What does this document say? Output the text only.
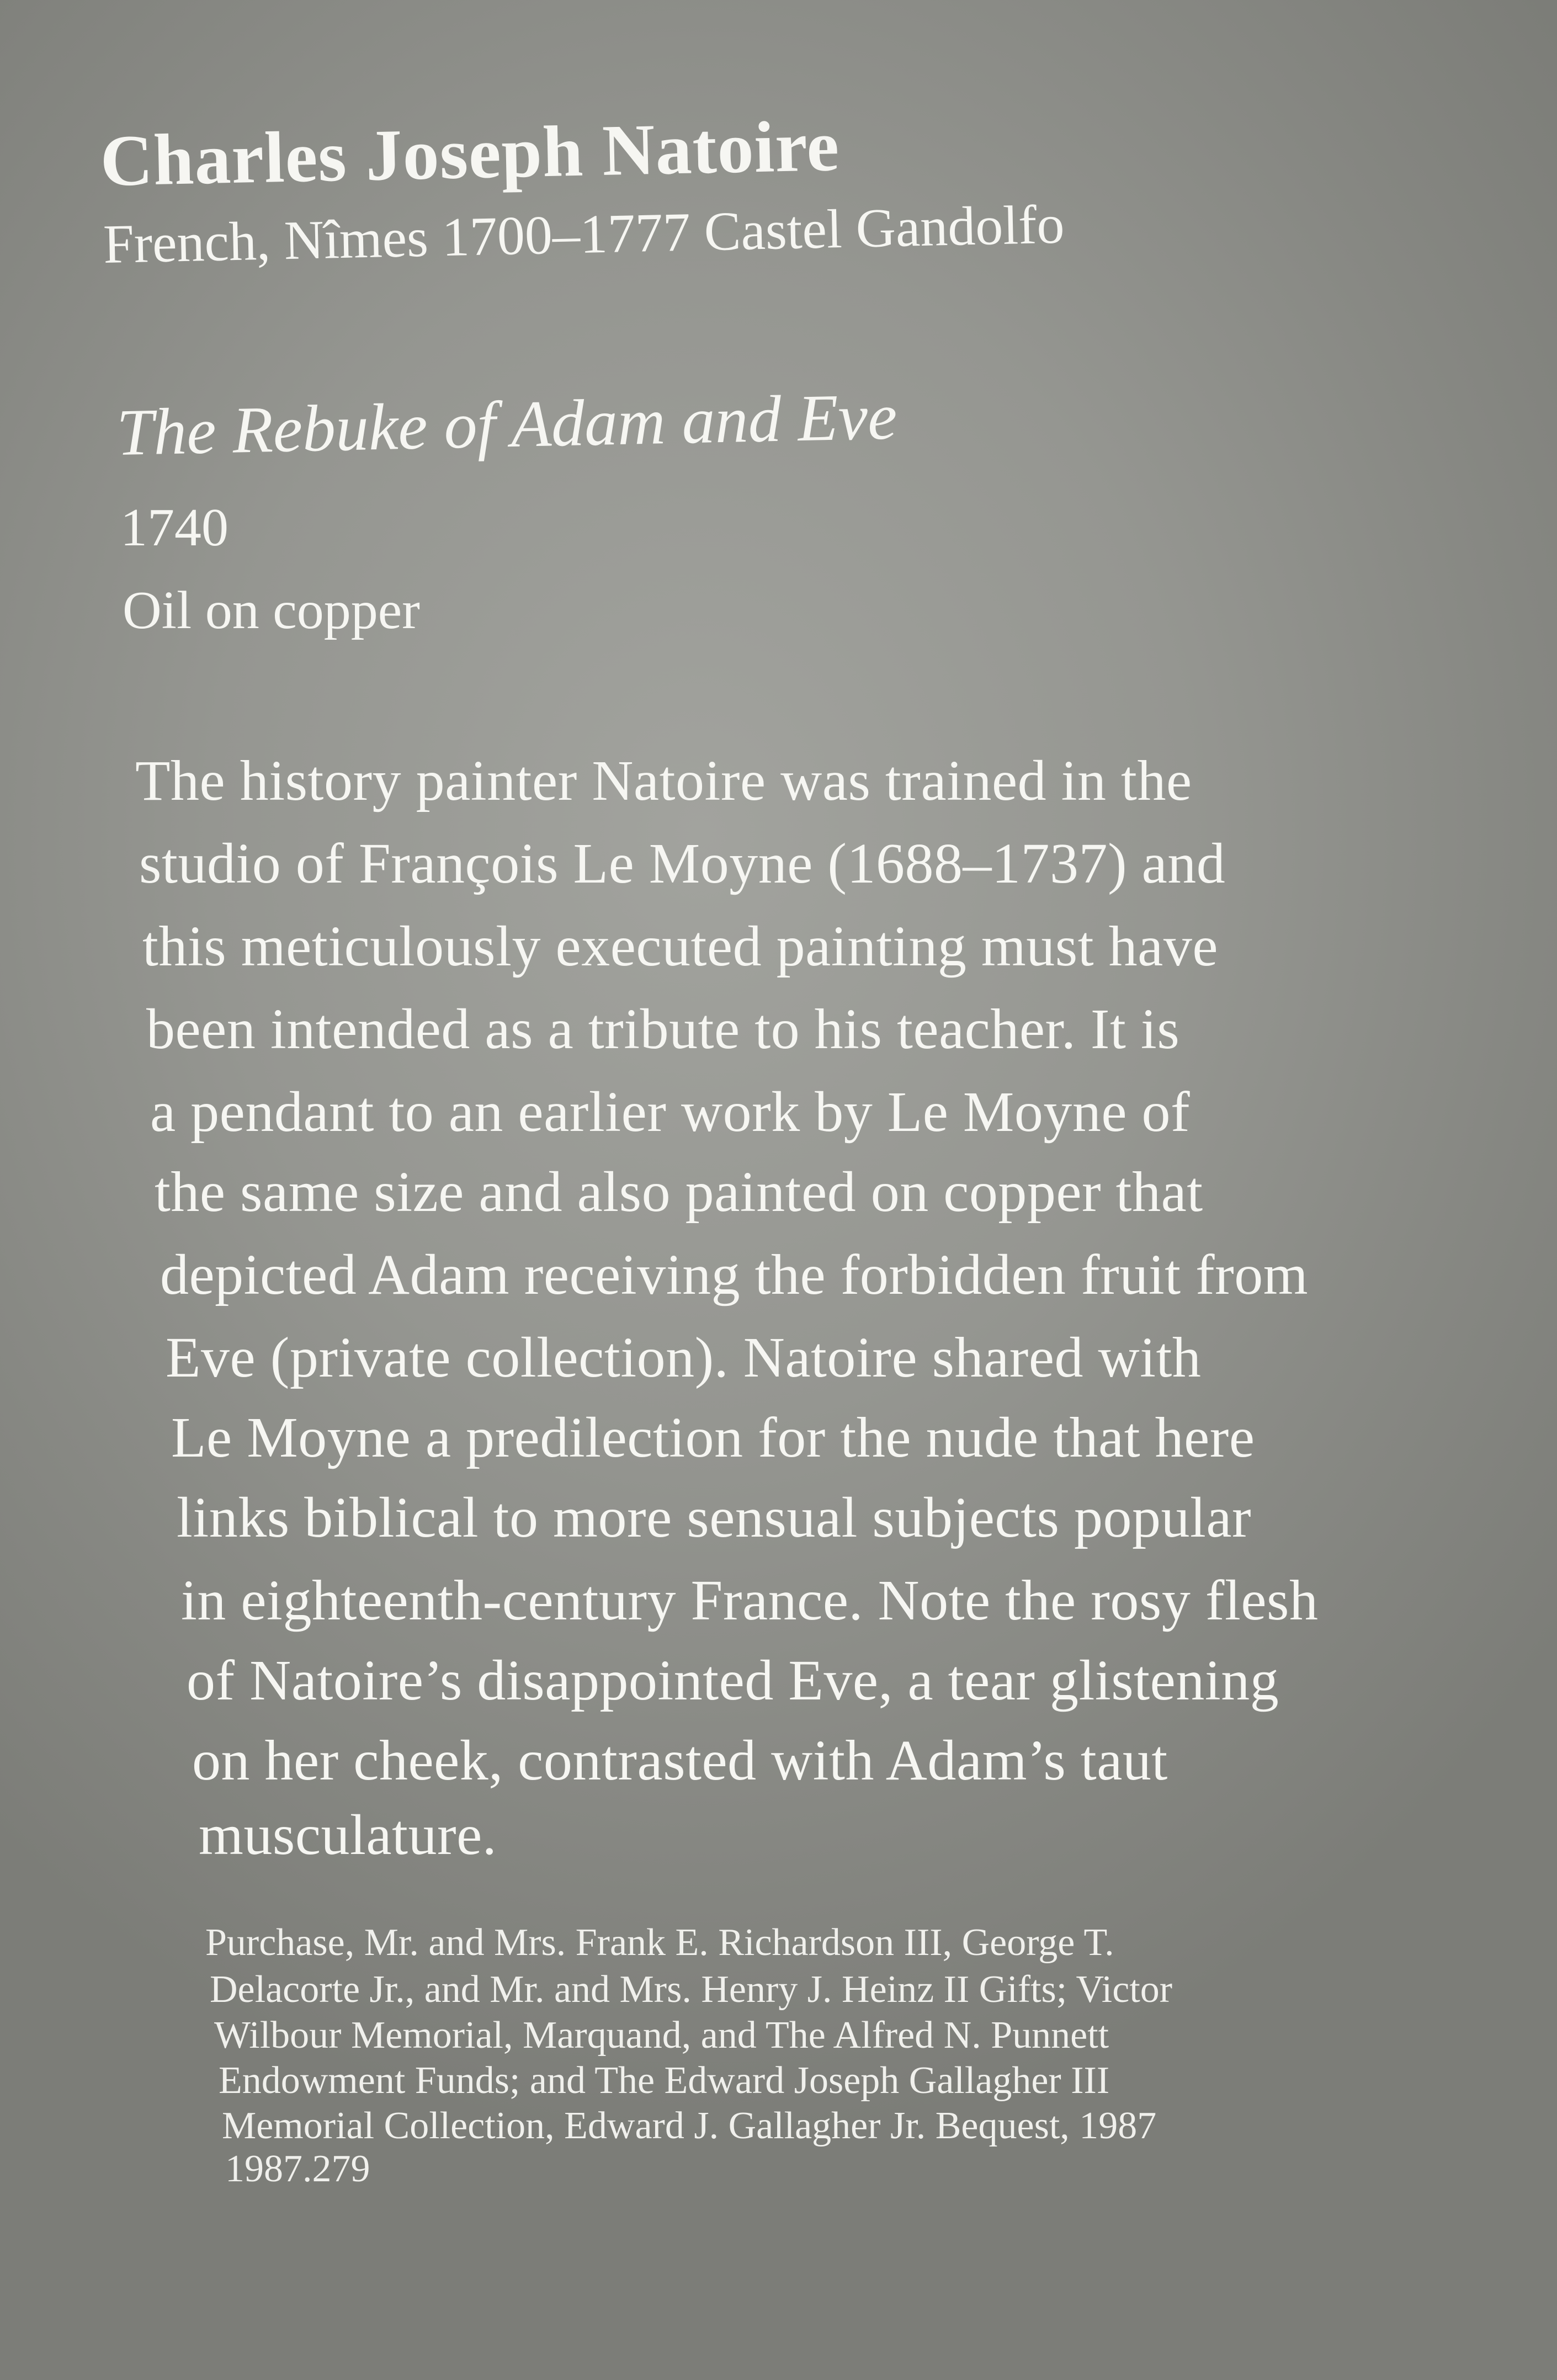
Charles Joseph Natoire
French, Nîmes 1700–1777 Castel Gandolfo
The Rebuke of Adam and Eve
1740
Oil on copper
The history painter Natoire was trained in the
studio of François Le Moyne (1688–1737) and
this meticulously executed painting must have
been intended as a tribute to his teacher. It is
a pendant to an earlier work by Le Moyne of
the same size and also painted on copper that
depicted Adam receiving the forbidden fruit from
Eve (private collection). Natoire shared with
Le Moyne a predilection for the nude that here
links biblical to more sensual subjects popular
in eighteenth-century France. Note the rosy flesh
of Natoire’s disappointed Eve, a tear glistening
on her cheek, contrasted with Adam’s taut
musculature.
Purchase, Mr. and Mrs. Frank E. Richardson III, George T.
Delacorte Jr., and Mr. and Mrs. Henry J. Heinz II Gifts; Victor
Wilbour Memorial, Marquand, and The Alfred N. Punnett
Endowment Funds; and The Edward Joseph Gallagher III
Memorial Collection, Edward J. Gallagher Jr. Bequest, 1987
1987.279
